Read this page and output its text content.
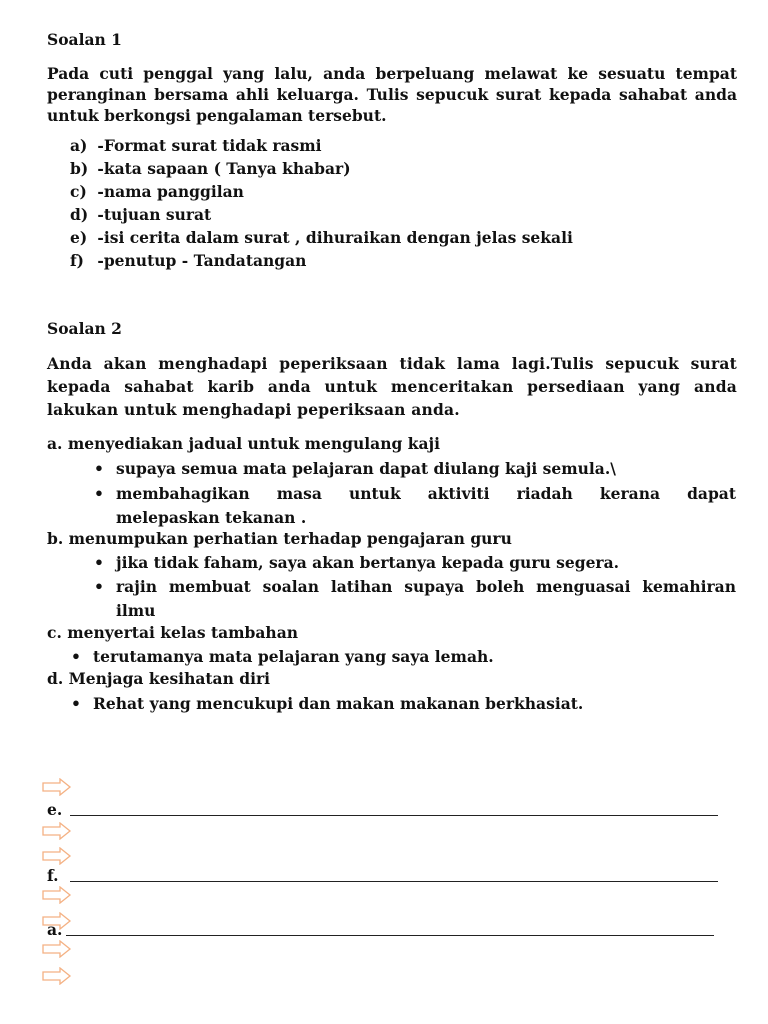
Soalan 1
Pada cuti penggal yang lalu, anda berpeluang melawat ke sesuatu tempat peranginan bersama ahli keluarga. Tulis sepucuk surat kepada sahabat anda untuk berkongsi pengalaman tersebut.
a) -Format surat tidak rasmi
b) -kata sapaan ( Tanya khabar)
c) -nama panggilan
d) -tujuan surat
e) -isi cerita dalam surat , dihuraikan dengan jelas sekali
f) -penutup - Tandatangan
Soalan 2
Anda akan menghadapi peperiksaan tidak lama lagi.Tulis sepucuk surat kepada sahabat karib anda untuk menceritakan persediaan yang anda lakukan untuk menghadapi peperiksaan anda.
a. menyediakan jadual untuk mengulang kaji
• supaya semua mata pelajaran dapat diulang kaji semula.\
• membahagikan masa untuk aktiviti riadah kerana dapat
melepaskan tekanan .
b. menumpukan perhatian terhadap pengajaran guru
• jika tidak faham, saya akan bertanya kepada guru segera.
• rajin membuat soalan latihan supaya boleh menguasai kemahiran
ilmu
c. menyertai kelas tambahan
• terutamanya mata pelajaran yang saya lemah.
d. Menjaga kesihatan diri
• Rehat yang mencukupi dan makan makanan berkhasiat.
e.
f.
a.
